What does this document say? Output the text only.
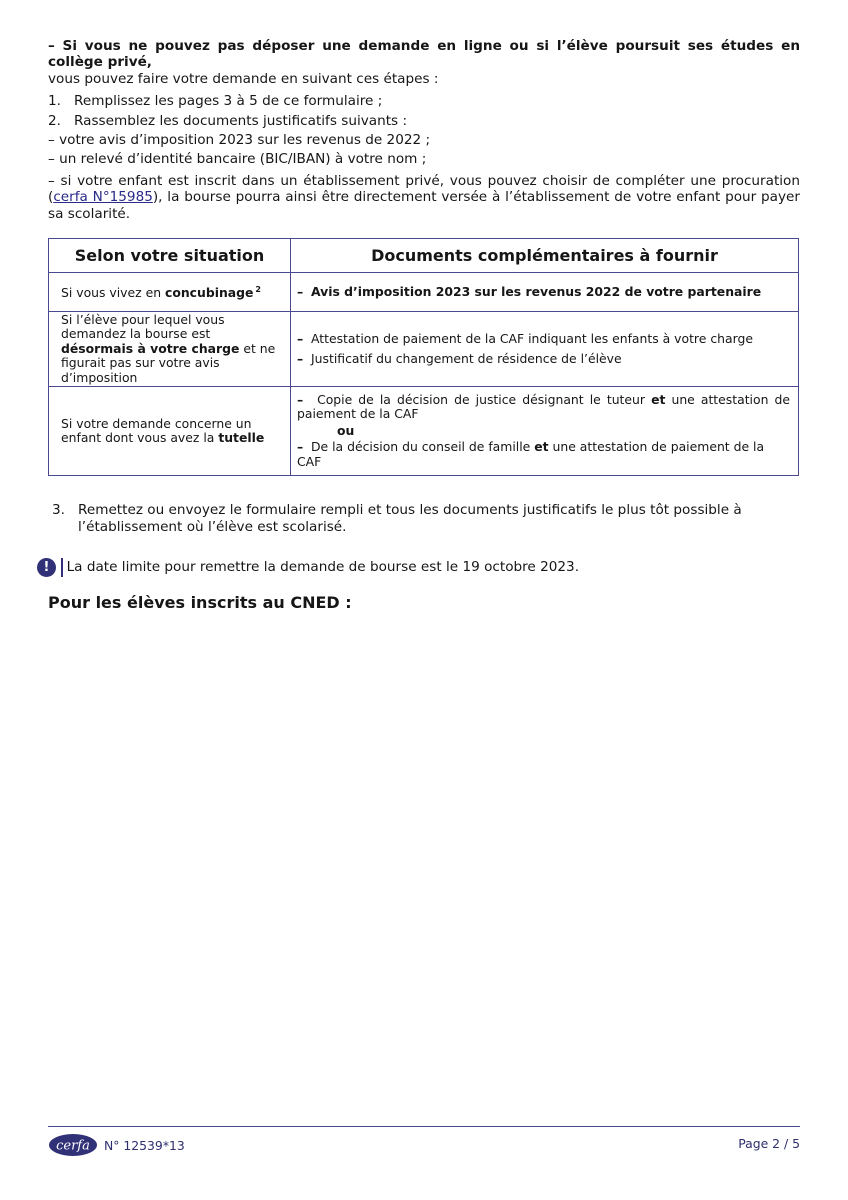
– Si vous ne pouvez pas déposer une demande en ligne ou si l’élève poursuit ses études en collège privé,

vous pouvez faire votre demande en suivant ces étapes :

1. Remplissez les pages 3 à 5 de ce formulaire ;

2. Rassemblez les documents justificatifs suivants :

– votre avis d’imposition 2023 sur les revenus de 2022 ;

– un relevé d’identité bancaire (BIC/IBAN) à votre nom ;

– si votre enfant est inscrit dans un établissement privé, vous pouvez choisir de compléter une procuration (cerfa N°15985), la bourse pourra ainsi être directement versée à l’établissement de votre enfant pour payer sa scolarité.

Selon votre situation	Documents complémentaires à fournir
Si vous vivez en concubinage $^2$	– Avis d’imposition 2023 sur les revenus 2022 de votre partenaire

Si l’élève pour lequel vous demandez la bourse est désormais à votre charge et ne figurait pas sur votre avis d’imposition	– Attestation de paiement de la CAF indiquant les enfants à votre charge
– Justificatif du changement de résidence de l’élève

Si votre demande concerne un enfant dont vous avez la tutelle	– Copie de la décision de justice désignant le tuteur et une attestation de paiement de la CAF
ou
– De la décision du conseil de famille et une attestation de paiement de la CAF
3. Remettez ou envoyez le formulaire rempli et tous les documents justificatifs le plus tôt possible à l’établissement où l’élève est scolarisé.
!	La date limite pour remettre la demande de bourse est le 19 octobre 2023.
Pour les élèves inscrits au CNED :
cerfa N° 12539*13	Page 2 / 5
